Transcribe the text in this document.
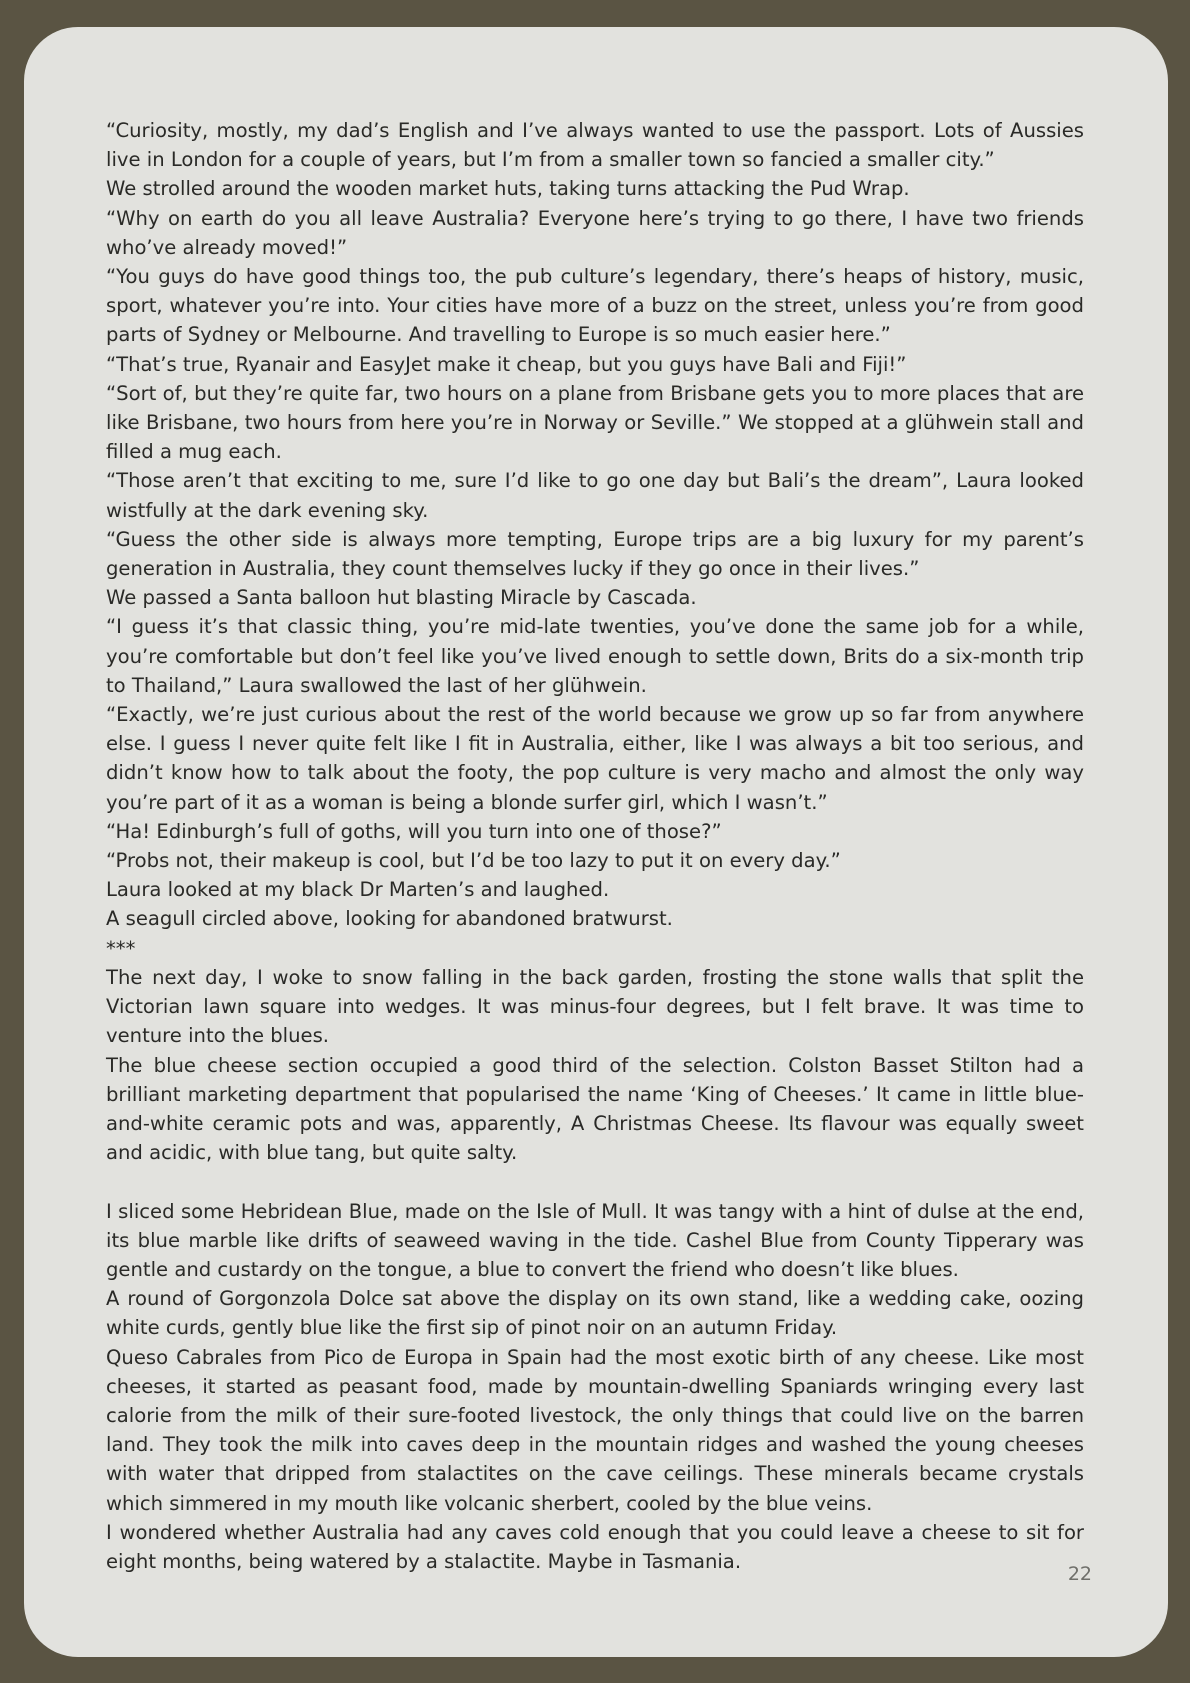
“Curiosity, mostly, my dad’s English and I’ve always wanted to use the passport. Lots of Aussies live in London for a couple of years, but I’m from a smaller town so fancied a smaller city.”

We strolled around the wooden market huts, taking turns attacking the Pud Wrap.

“Why on earth do you all leave Australia? Everyone here’s trying to go there, I have two friends who’ve already moved!”

“You guys do have good things too, the pub culture’s legendary, there’s heaps of history, music, sport, whatever you’re into. Your cities have more of a buzz on the street, unless you’re from good parts of Sydney or Melbourne. And travelling to Europe is so much easier here.”

“That’s true, Ryanair and EasyJet make it cheap, but you guys have Bali and Fiji!”

“Sort of, but they’re quite far, two hours on a plane from Brisbane gets you to more places that are like Brisbane, two hours from here you’re in Norway or Seville.” We stopped at a glühwein stall and filled a mug each.

“Those aren’t that exciting to me, sure I’d like to go one day but Bali’s the dream”, Laura looked wistfully at the dark evening sky.

“Guess the other side is always more tempting, Europe trips are a big luxury for my parent’s generation in Australia, they count themselves lucky if they go once in their lives.”

We passed a Santa balloon hut blasting Miracle by Cascada.

“I guess it’s that classic thing, you’re mid-late twenties, you’ve done the same job for a while, you’re comfortable but don’t feel like you’ve lived enough to settle down, Brits do a six-month trip to Thailand,” Laura swallowed the last of her glühwein.

“Exactly, we’re just curious about the rest of the world because we grow up so far from anywhere else. I guess I never quite felt like I fit in Australia, either, like I was always a bit too serious, and didn’t know how to talk about the footy, the pop culture is very macho and almost the only way you’re part of it as a woman is being a blonde surfer girl, which I wasn’t.”

“Ha! Edinburgh’s full of goths, will you turn into one of those?”

“Probs not, their makeup is cool, but I’d be too lazy to put it on every day.”

Laura looked at my black Dr Marten’s and laughed.

A seagull circled above, looking for abandoned bratwurst.

***

The next day, I woke to snow falling in the back garden, frosting the stone walls that split the Victorian lawn square into wedges. It was minus-four degrees, but I felt brave. It was time to venture into the blues.

The blue cheese section occupied a good third of the selection. Colston Basset Stilton had a brilliant marketing department that popularised the name ‘King of Cheeses.’ It came in little blue-and-white ceramic pots and was, apparently, A Christmas Cheese. Its flavour was equally sweet and acidic, with blue tang, but quite salty.

I sliced some Hebridean Blue, made on the Isle of Mull. It was tangy with a hint of dulse at the end, its blue marble like drifts of seaweed waving in the tide. Cashel Blue from County Tipperary was gentle and custardy on the tongue, a blue to convert the friend who doesn’t like blues.

A round of Gorgonzola Dolce sat above the display on its own stand, like a wedding cake, oozing white curds, gently blue like the first sip of pinot noir on an autumn Friday.

Queso Cabrales from Pico de Europa in Spain had the most exotic birth of any cheese. Like most cheeses, it started as peasant food, made by mountain-dwelling Spaniards wringing every last calorie from the milk of their sure-footed livestock, the only things that could live on the barren land. They took the milk into caves deep in the mountain ridges and washed the young cheeses with water that dripped from stalactites on the cave ceilings. These minerals became crystals which simmered in my mouth like volcanic sherbert, cooled by the blue veins.

I wondered whether Australia had any caves cold enough that you could leave a cheese to sit for eight months, being watered by a stalactite. Maybe in Tasmania.

22
